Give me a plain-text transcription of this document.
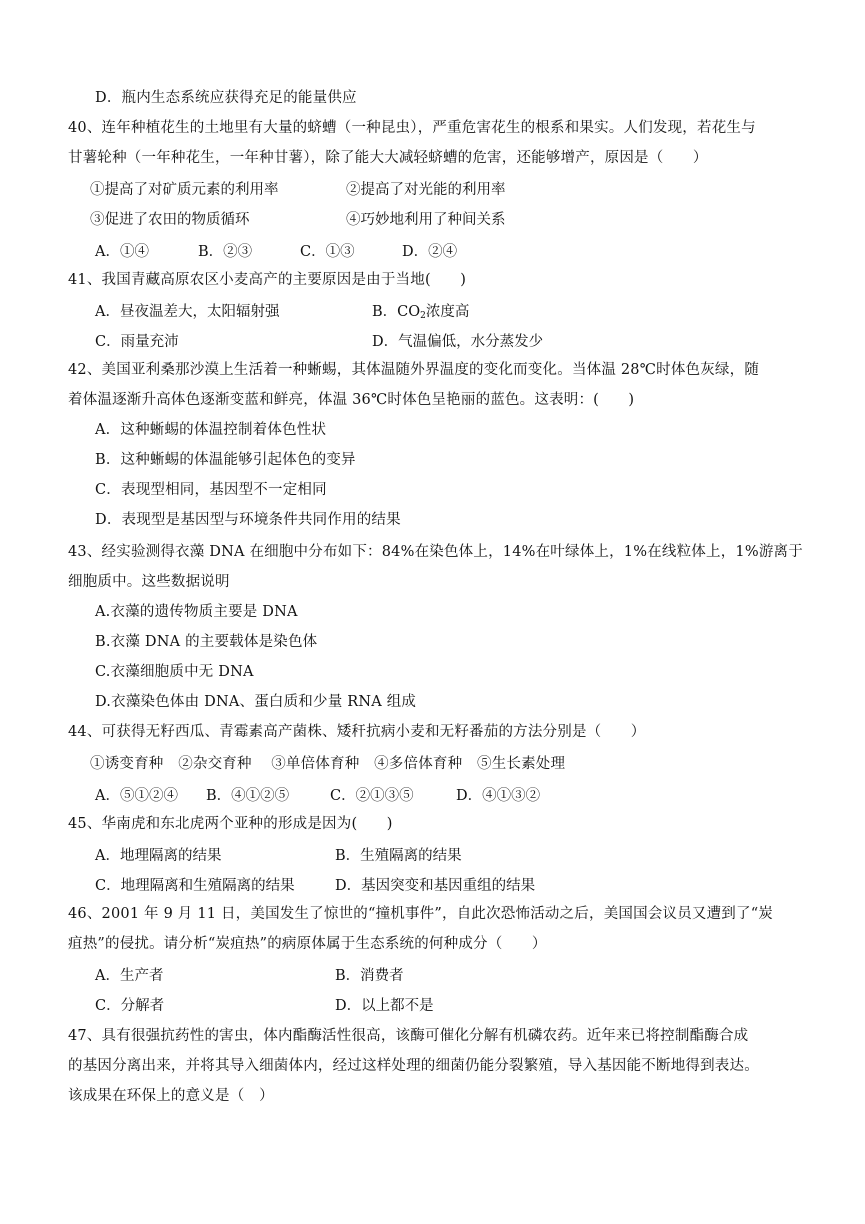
D．瓶内生态系统应获得充足的能量供应
40、连年种植花生的土地里有大量的蛴螬（一种昆虫），严重危害花生的根系和果实。人们发现，若花生与
甘薯轮种（一年种花生，一年种甘薯），除了能大大减轻蛴螬的危害，还能够增产，原因是（　　）
①提高了对矿质元素的利用率	②提高了对光能的利用率
③促进了农田的物质循环	④巧妙地利用了种间关系
A．①④	B．②③	C．①③	D．②④
41、我国青藏高原农区小麦高产的主要原因是由于当地(　　)
A．昼夜温差大，太阳辐射强	B．$CO_2$浓度高
C．雨量充沛	D．气温偏低，水分蒸发少
42、美国亚利桑那沙漠上生活着一种蜥蜴，其体温随外界温度的变化而变化。当体温 28℃时体色灰绿，随
着体温逐渐升高体色逐渐变蓝和鲜亮，体温 36℃时体色呈艳丽的蓝色。这表明：(　　)
A．这种蜥蜴的体温控制着体色性状
B．这种蜥蜴的体温能够引起体色的变异
C．表现型相同，基因型不一定相同
D．表现型是基因型与环境条件共同作用的结果
43、经实验测得衣藻 DNA 在细胞中分布如下：84%在染色体上，14%在叶绿体上，1%在线粒体上，1%游离于
细胞质中。这些数据说明
A.衣藻的遗传物质主要是 DNA
B.衣藻 DNA 的主要载体是染色体
C.衣藻细胞质中无 DNA
D.衣藻染色体由 DNA、蛋白质和少量 RNA 组成
44、可获得无籽西瓜、青霉素高产菌株、矮秆抗病小麦和无籽番茄的方法分别是（　　）
①诱变育种　②杂交育种　 ③单倍体育种　④多倍体育种　⑤生长素处理
A．⑤①②④ B．④①②⑤	C．②①③⑤	D．④①③②
45、华南虎和东北虎两个亚种的形成是因为(　　)
A．地理隔离的结果	B．生殖隔离的结果
C．地理隔离和生殖隔离的结果	D．基因突变和基因重组的结果
46、2001 年 9 月 11 日，美国发生了惊世的“撞机事件”，自此次恐怖活动之后，美国国会议员又遭到了“炭
疽热”的侵扰。请分析“炭疽热”的病原体属于生态系统的何种成分（　　）
A．生产者	B．消费者
C．分解者	D．以上都不是
47、具有很强抗药性的害虫，体内酯酶活性很高，该酶可催化分解有机磷农药。近年来已将控制酯酶合成
的基因分离出来，并将其导入细菌体内，经过这样处理的细菌仍能分裂繁殖，导入基因能不断地得到表达。
该成果在环保上的意义是（　）
